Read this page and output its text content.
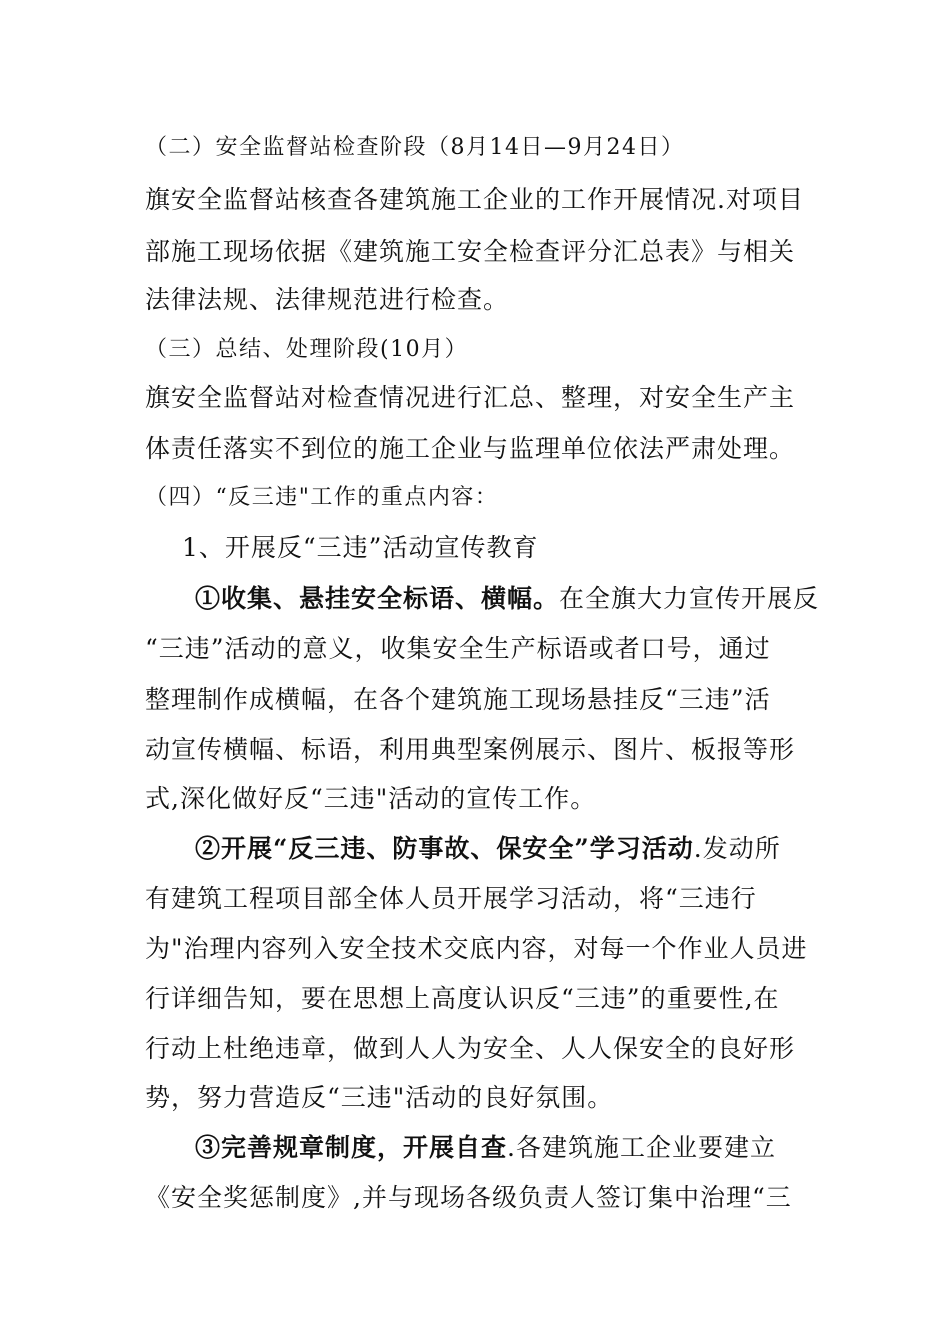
（二）安全监督站检查阶段（8月14日—9月24日）
旗安全监督站核查各建筑施工企业的工作开展情况.对项目
部施工现场依据《建筑施工安全检查评分汇总表》与相关
法律法规、法律规范进行检查。
（三）总结、处理阶段(10月）
旗安全监督站对检查情况进行汇总、整理，对安全生产主
体责任落实不到位的施工企业与监理单位依法严肃处理。
（四）“反三违"工作的重点内容：
1、开展反“三违”活动宣传教育
①收集、悬挂安全标语、横幅。在全旗大力宣传开展反
“三违”活动的意义，收集安全生产标语或者口号，通过
整理制作成横幅，在各个建筑施工现场悬挂反“三违”活
动宣传横幅、标语，利用典型案例展示、图片、板报等形
式,深化做好反“三违"活动的宣传工作。
②开展“反三违、防事故、保安全”学习活动.发动所
有建筑工程项目部全体人员开展学习活动，将“三违行
为"治理内容列入安全技术交底内容，对每一个作业人员进
行详细告知，要在思想上高度认识反“三违”的重要性,在
行动上杜绝违章，做到人人为安全、人人保安全的良好形
势，努力营造反“三违"活动的良好氛围。
③完善规章制度，开展自查.各建筑施工企业要建立
《安全奖惩制度》,并与现场各级负责人签订集中治理“三
